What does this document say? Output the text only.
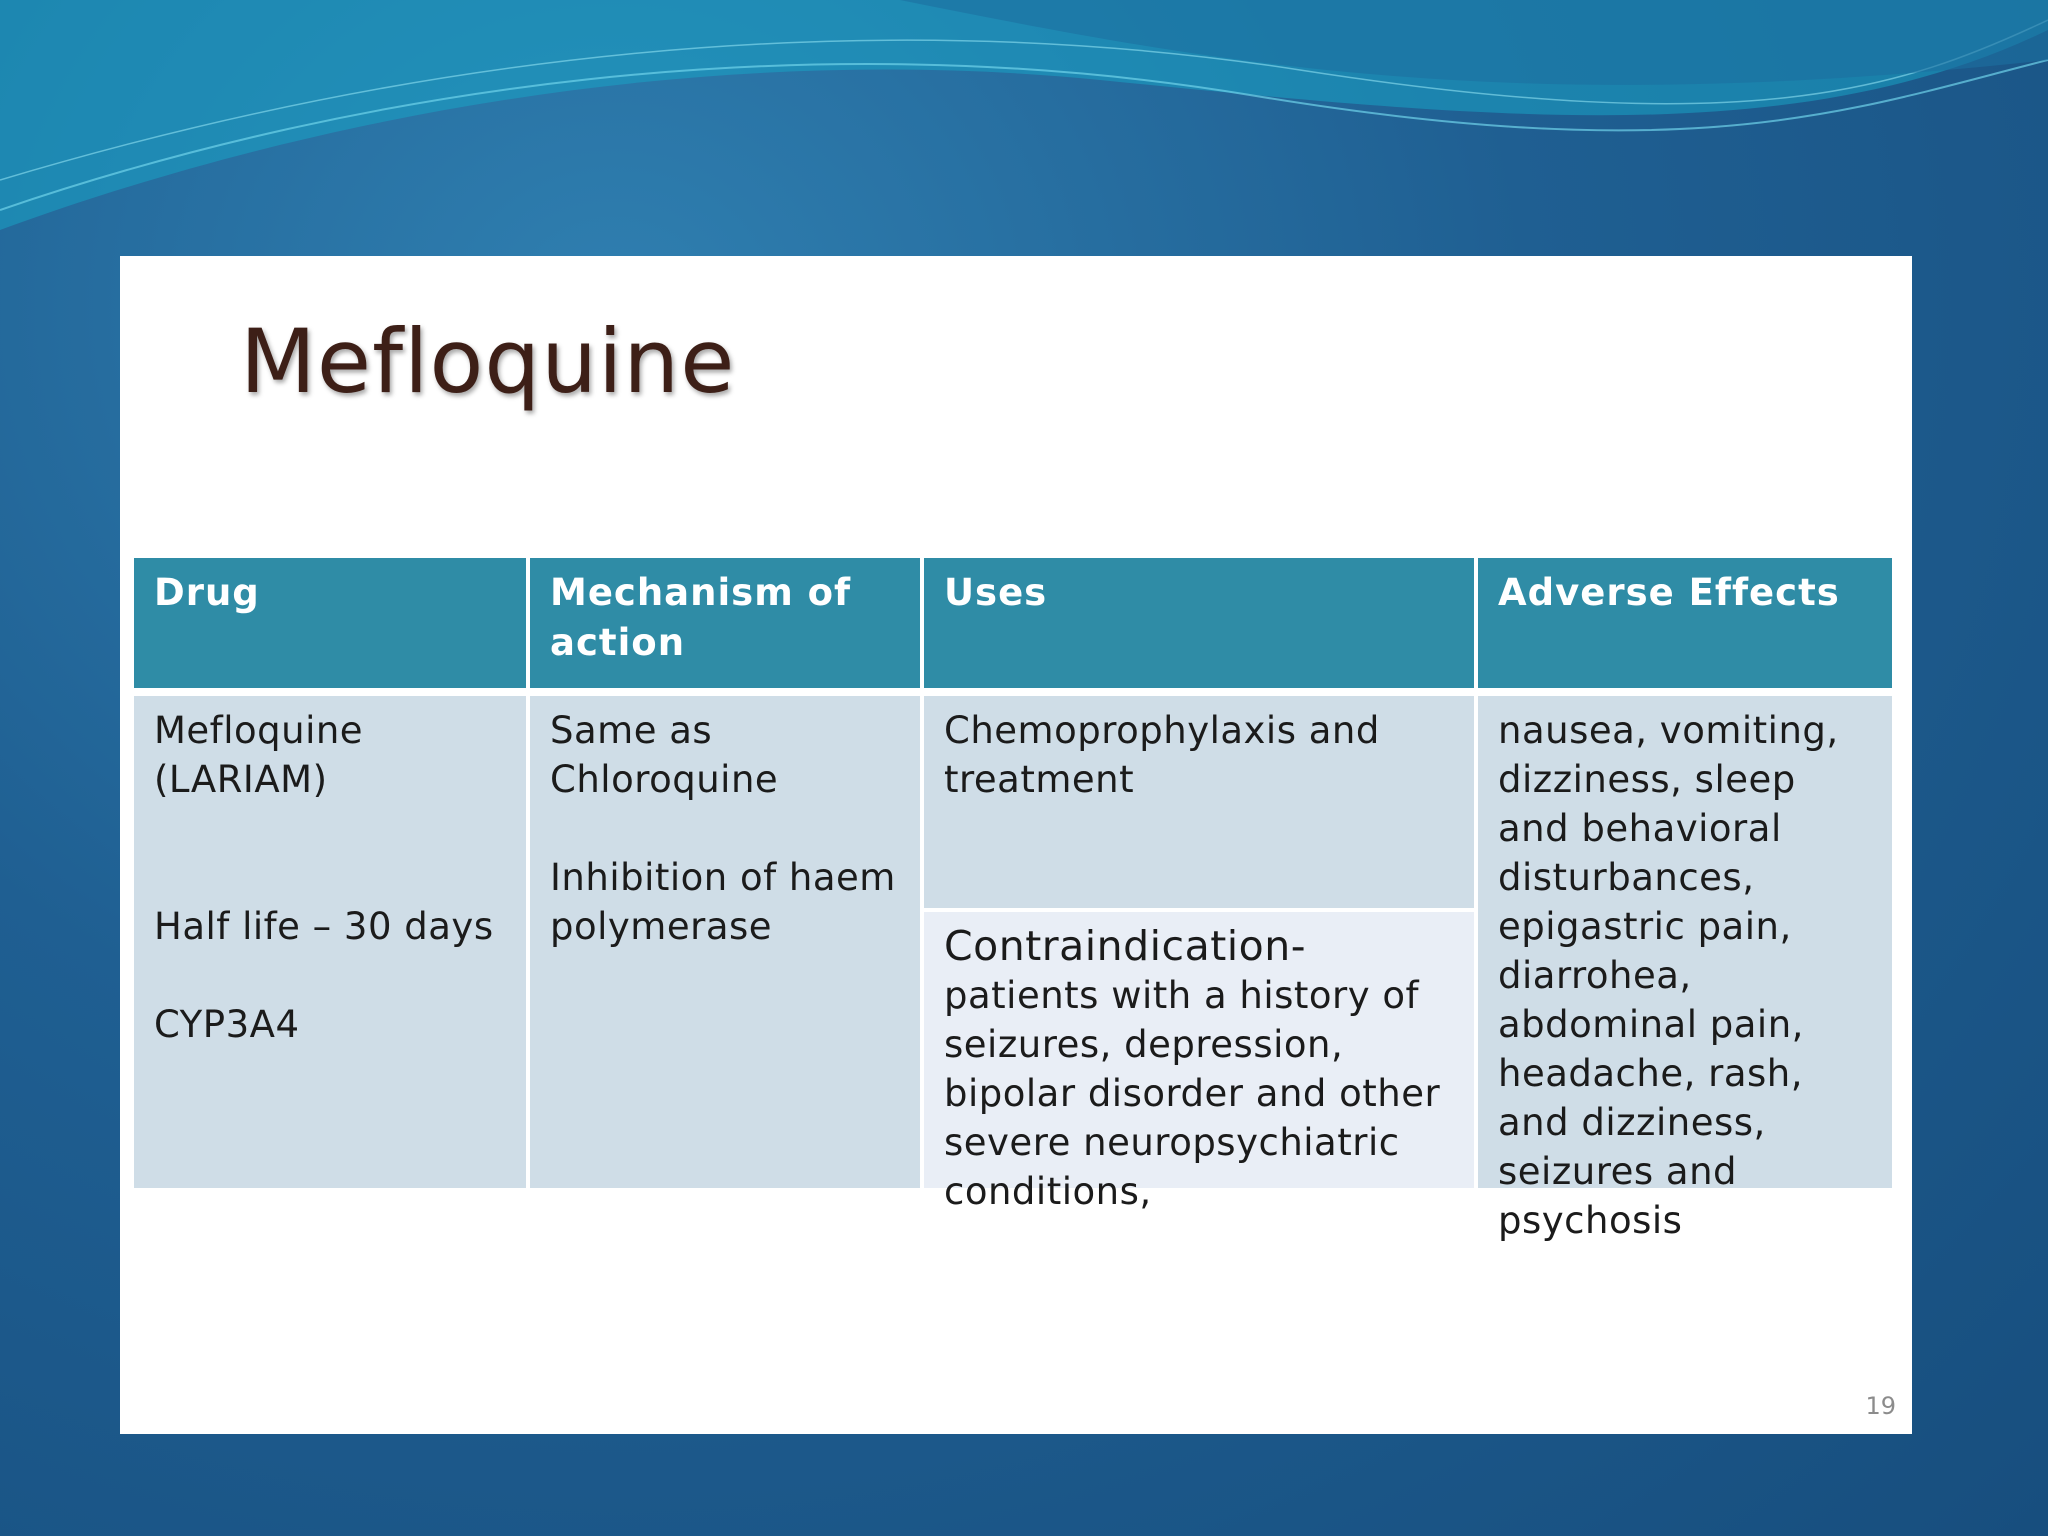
Mefloquine
Drug	Mechanism of action
Uses	Adverse Effects
Mefloquine (LARIAM)
Half life – 30 days
CYP3A4
Same as Chloroquine
Inhibition of haem polymerase
Chemoprophylaxis and treatment
Contraindication-
patients with a history of seizures, depression, bipolar disorder and other severe neuropsychiatric conditions,
nausea, vomiting, dizziness, sleep and behavioral disturbances, epigastric pain, diarrohea, abdominal pain, headache, rash, and dizziness, seizures and psychosis
19
